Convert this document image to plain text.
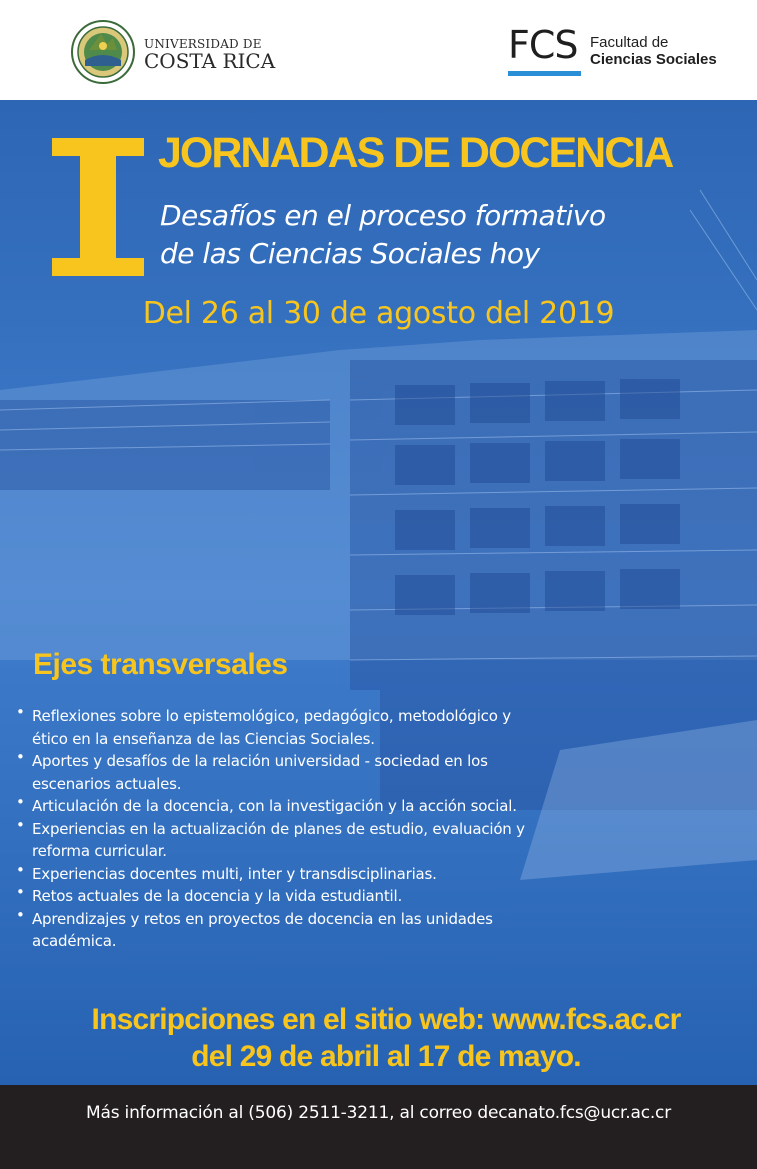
UNIVERSIDAD DE
COSTA RICA	FCS Facultad de
Ciencias Sociales
JORNADAS DE DOCENCIA
Desafíos en el proceso formativo
de las Ciencias Sociales hoy
Del 26 al 30 de agosto del 2019
Ejes transversales
• Reflexiones sobre lo epistemológico, pedagógico, metodológico y
ético en la enseñanza de las Ciencias Sociales.
• Aportes y desafíos de la relación universidad - sociedad en los
escenarios actuales.
• Articulación de la docencia, con la investigación y la acción social.
• Experiencias en la actualización de planes de estudio, evaluación y
reforma curricular.
• Experiencias docentes multi, inter y transdisciplinarias.
• Retos actuales de la docencia y la vida estudiantil.
• Aprendizajes y retos en proyectos de docencia en las unidades
académica.
Inscripciones en el sitio web: www.fcs.ac.cr
del 29 de abril al 17 de mayo.
Más información al (506) 2511-3211, al correo decanato.fcs@ucr.ac.cr
